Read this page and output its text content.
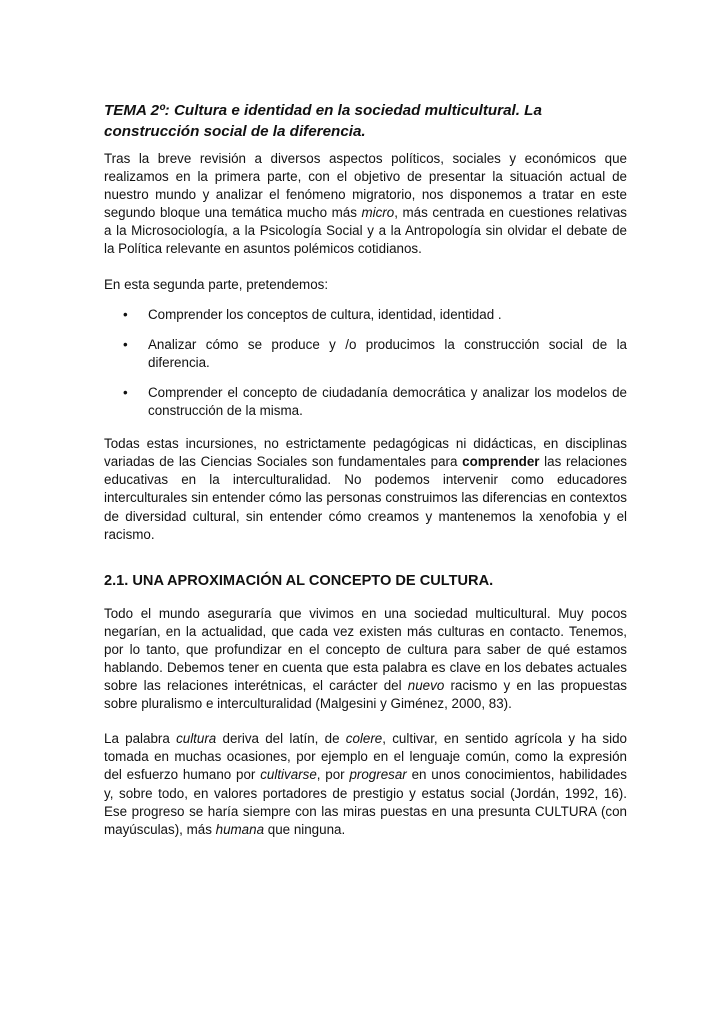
TEMA 2º: Cultura e identidad en la sociedad multicultural. La construcción social de la diferencia.

Tras la breve revisión a diversos aspectos políticos, sociales y económicos que realizamos en la primera parte, con el objetivo de presentar la situación actual de nuestro mundo y analizar el fenómeno migratorio, nos disponemos a tratar en este segundo bloque una temática mucho más micro, más centrada en cuestiones relativas a la Microsociología, a la Psicología Social y a la Antropología sin olvidar el debate de la Política relevante en asuntos polémicos cotidianos.

En esta segunda parte, pretendemos:

• Comprender los conceptos de cultura, identidad, identidad .
• Analizar cómo se produce y /o producimos la construcción social de la diferencia.
• Comprender el concepto de ciudadanía democrática y analizar los modelos de construcción de la misma.

Todas estas incursiones, no estrictamente pedagógicas ni didácticas, en disciplinas variadas de las Ciencias Sociales son fundamentales para comprender las relaciones educativas en la interculturalidad. No podemos intervenir como educadores interculturales sin entender cómo las personas construimos las diferencias en contextos de diversidad cultural, sin entender cómo creamos y mantenemos la xenofobia y el racismo.

2.1. UNA APROXIMACIÓN AL CONCEPTO DE CULTURA.

Todo el mundo aseguraría que vivimos en una sociedad multicultural. Muy pocos negarían, en la actualidad, que cada vez existen más culturas en contacto. Tenemos, por lo tanto, que profundizar en el concepto de cultura para saber de qué estamos hablando. Debemos tener en cuenta que esta palabra es clave en los debates actuales sobre las relaciones interétnicas, el carácter del nuevo racismo y en las propuestas sobre pluralismo e interculturalidad (Malgesini y Giménez, 2000, 83).

La palabra cultura deriva del latín, de colere, cultivar, en sentido agrícola y ha sido tomada en muchas ocasiones, por ejemplo en el lenguaje común, como la expresión del esfuerzo humano por cultivarse, por progresar en unos conocimientos, habilidades y, sobre todo, en valores portadores de prestigio y estatus social (Jordán, 1992, 16). Ese progreso se haría siempre con las miras puestas en una presunta CULTURA (con mayúsculas), más humana que ninguna.
